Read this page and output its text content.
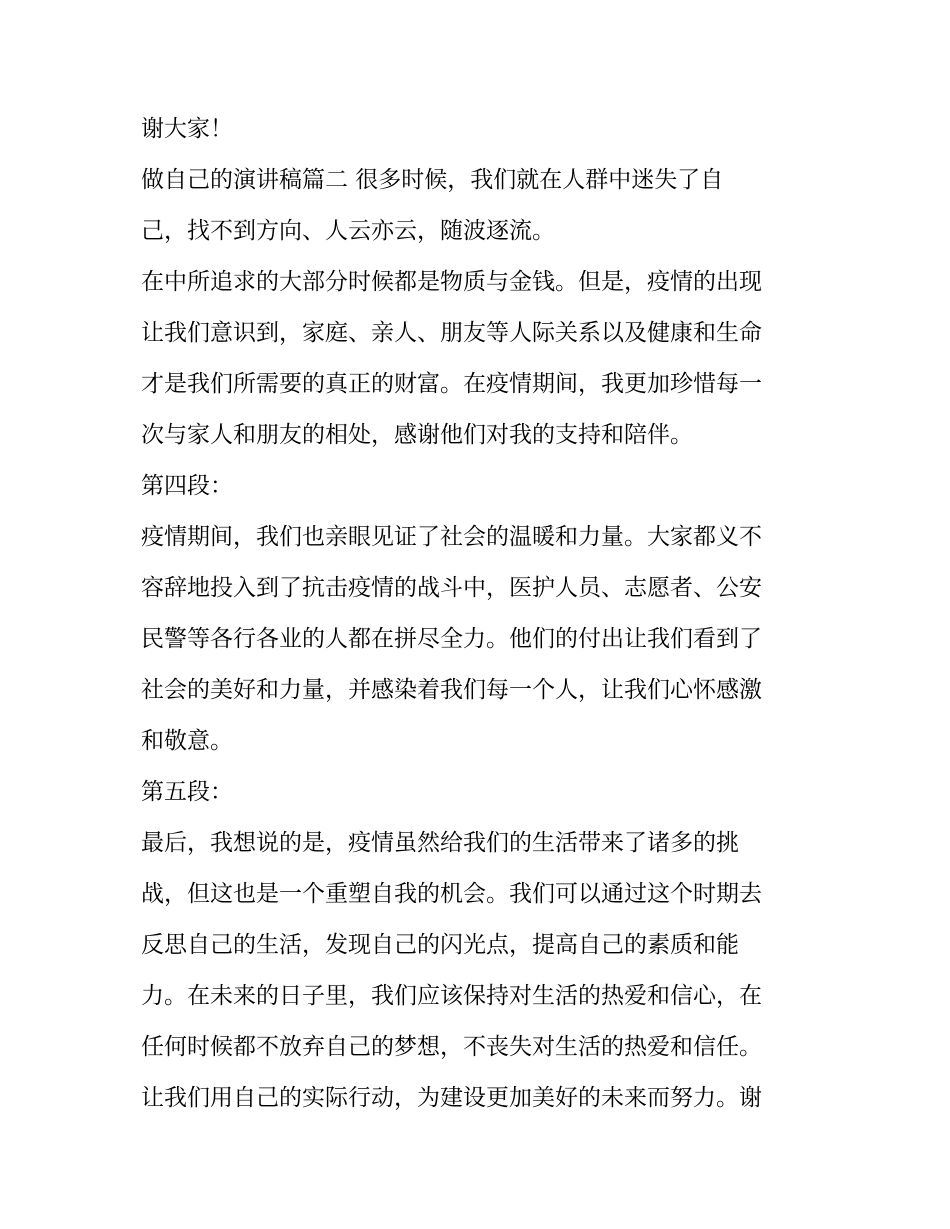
谢大家！
做自己的演讲稿篇二 很多时候，我们就在人群中迷失了自
己，找不到方向、人云亦云，随波逐流。
在中所追求的大部分时候都是物质与金钱。但是，疫情的出现
让我们意识到，家庭、亲人、朋友等人际关系以及健康和生命
才是我们所需要的真正的财富。在疫情期间，我更加珍惜每一
次与家人和朋友的相处，感谢他们对我的支持和陪伴。
第四段：
疫情期间，我们也亲眼见证了社会的温暖和力量。大家都义不
容辞地投入到了抗击疫情的战斗中，医护人员、志愿者、公安
民警等各行各业的人都在拼尽全力。他们的付出让我们看到了
社会的美好和力量，并感染着我们每一个人，让我们心怀感激
和敬意。
第五段：
最后，我想说的是，疫情虽然给我们的生活带来了诸多的挑
战，但这也是一个重塑自我的机会。我们可以通过这个时期去
反思自己的生活，发现自己的闪光点，提高自己的素质和能
力。在未来的日子里，我们应该保持对生活的热爱和信心，在
任何时候都不放弃自己的梦想，不丧失对生活的热爱和信任。
让我们用自己的实际行动，为建设更加美好的未来而努力。谢
